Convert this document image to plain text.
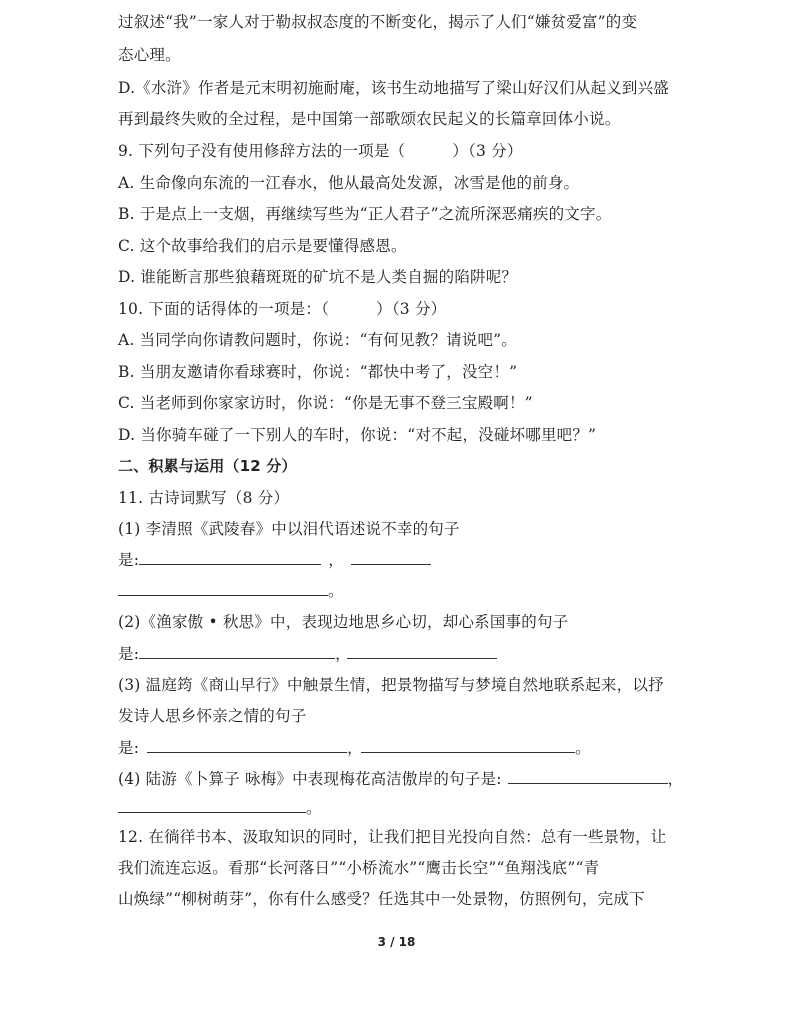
过叙述“我”一家人对于勒叔叔态度的不断变化，揭示了人们“嫌贫爱富”的变
态心理。
D.《水浒》作者是元末明初施耐庵，该书生动地描写了梁山好汉们从起义到兴盛
再到最终失败的全过程，是中国第一部歌颂农民起义的长篇章回体小说。
9. 下列句子没有使用修辞方法的一项是（　　　）（3 分）
A. 生命像向东流的一江春水，他从最高处发源，冰雪是他的前身。
B. 于是点上一支烟，再继续写些为“正人君子”之流所深恶痛疾的文字。
C. 这个故事给我们的启示是要懂得感恩。
D. 谁能断言那些狼藉斑斑的矿坑不是人类自掘的陷阱呢？
10. 下面的话得体的一项是：（　　　）（3 分）
A. 当同学向你请教问题时，你说：“有何见教？请说吧”。
B. 当朋友邀请你看球赛时，你说：“都快中考了，没空！”
C. 当老师到你家家访时，你说：“你是无事不登三宝殿啊！”
D. 当你骑车碰了一下别人的车时，你说：“对不起，没碰坏哪里吧？”
二、积累与运用（12 分）
11. 古诗词默写（8 分）
(1) 李清照《武陵春》中以泪代语述说不幸的句子
是:	，
。
(2)《渔家傲 • 秋思》中，表现边地思乡心切，却心系国事的句子
是:	，
(3) 温庭筠《商山早行》中触景生情，把景物描写与梦境自然地联系起来，以抒
发诗人思乡怀亲之情的句子
是:	，	。
(4) 陆游《卜算子 咏梅》中表现梅花高洁傲岸的句子是:	，
。
12. 在徜徉书本、汲取知识的同时，让我们把目光投向自然：总有一些景物，让
我们流连忘返。看那“长河落日”“小桥流水”“鹰击长空”“鱼翔浅底”“青
山焕绿”“柳树萌芽”，你有什么感受？任选其中一处景物，仿照例句，完成下
3 / 18
